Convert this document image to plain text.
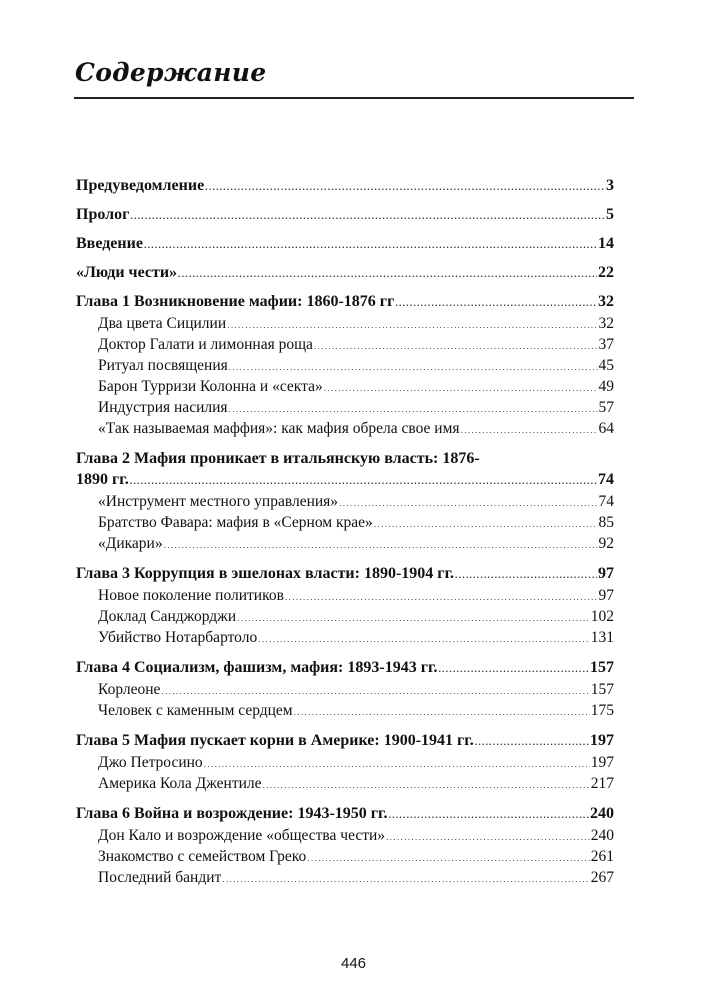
Содержание
Предуведомление .....	3
Пролог .....	5
Введение .....	14
«Люди чести» .....	22
Глава 1 Возникновение мафии: 1860-1876 гг .....	32
Два цвета Сицилии .....	32
Доктор Галати и лимонная роща .....	37
Ритуал посвящения .....	45
Барон Турризи Колонна и «секта» .....	49
Индустрия насилия .....	57
«Так называемая маффия»: как мафия обрела свое имя .....	64
Глава 2 Мафия проникает в итальянскую власть: 1876-
1890 гг. .....	74
«Инструмент местного управления» .....	74
Братство Фавара: мафия в «Серном крае» .....	85
«Дикари» .....	92
Глава 3 Коррупция в эшелонах власти: 1890-1904 гг. .....	97
Новое поколение политиков .....	97
Доклад Санджорджи .....	102
Убийство Нотарбартоло .....	131
Глава 4 Социализм, фашизм, мафия: 1893-1943 гг. .....	157
Корлеоне .....	157
Человек с каменным сердцем .....	175
Глава 5 Мафия пускает корни в Америке: 1900-1941 гг. .....	197
Джо Петросино .....	197
Америка Кола Джентиле .....	217
Глава 6 Война и возрождение: 1943-1950 гг. .....	240
Дон Кало и возрождение «общества чести» .....	240
Знакомство с семейством Греко .....	261
Последний бандит .....	267
446
